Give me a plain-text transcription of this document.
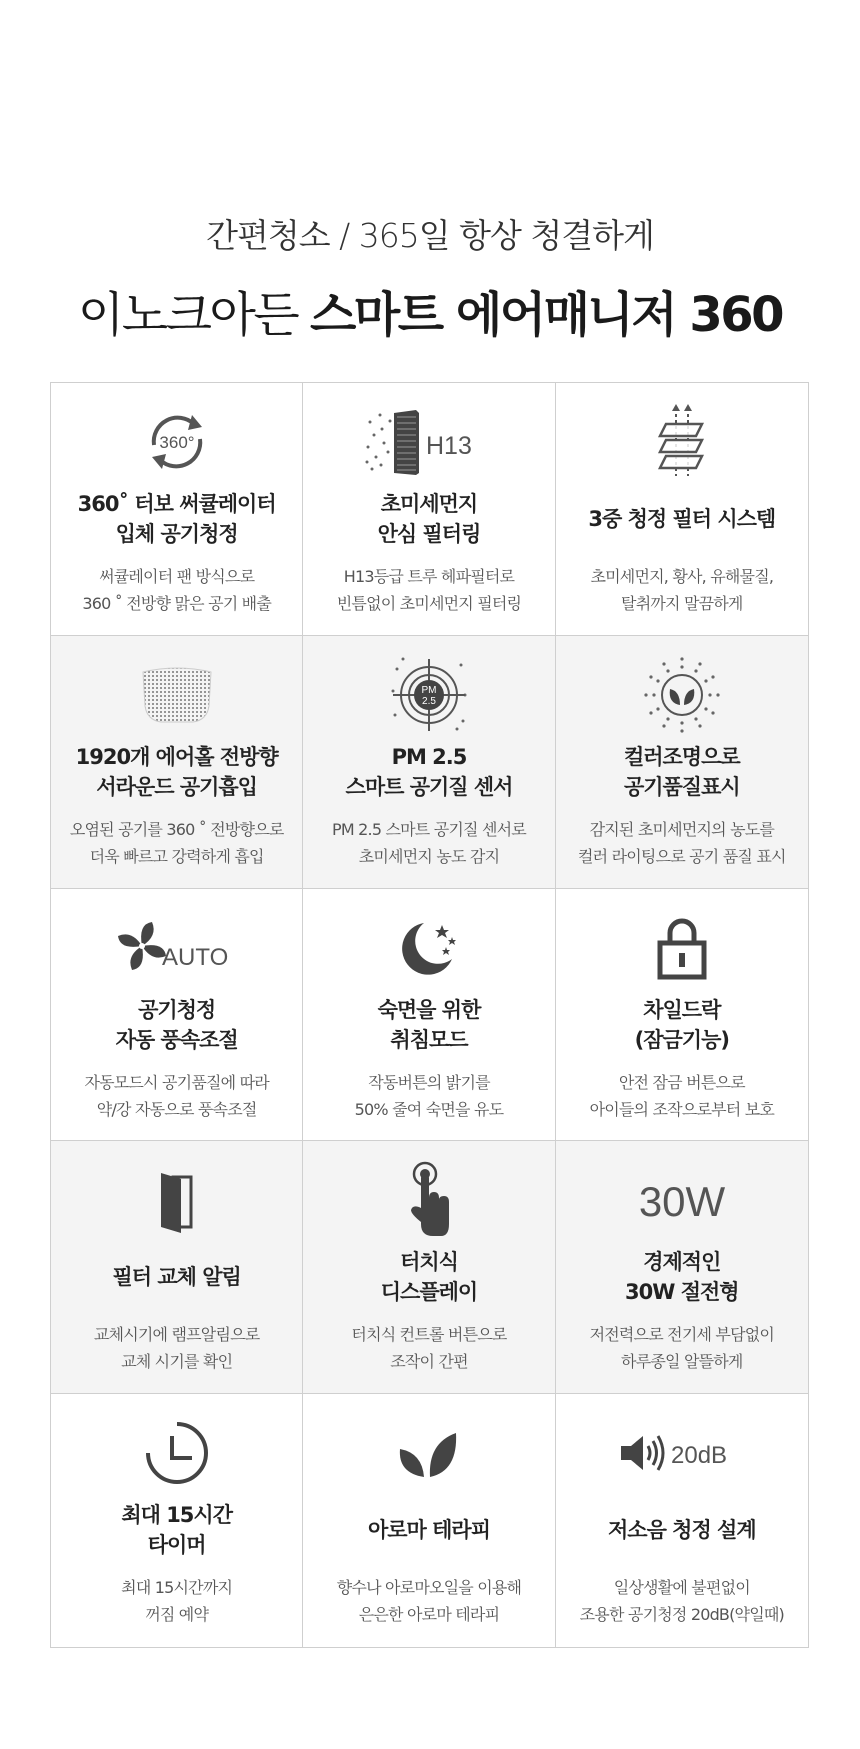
간편청소 / 365일 항상 청결하게
이노크아든 스마트 에어매니저 360
360°
360˚ 터보 써큘레이터
입체 공기청정
써큘레이터 팬 방식으로
360 ˚ 전방향 맑은 공기 배출
H13
초미세먼지
안심 필터링
H13등급 트루 헤파필터로
빈틈없이 초미세먼지 필터링
3중 청정 필터 시스템
초미세먼지, 황사, 유해물질,
탈취까지 말끔하게
1920개 에어홀 전방향
서라운드 공기흡입
오염된 공기를 360 ˚ 전방향으로
더욱 빠르고 강력하게 흡입
PM
2.5
PM 2.5
스마트 공기질 센서
PM 2.5 스마트 공기질 센서로
초미세먼지 농도 감지
컬러조명으로
공기품질표시
감지된 초미세먼지의 농도를
컬러 라이팅으로 공기 품질 표시
AUTO
공기청정
자동 풍속조절
자동모드시 공기품질에 따라
약/강 자동으로 풍속조절
숙면을 위한
취침모드
작동버튼의 밝기를
50% 줄여 숙면을 유도
차일드락
(잠금기능)
안전 잠금 버튼으로
아이들의 조작으로부터 보호
필터 교체 알림
교체시기에 램프알림으로
교체 시기를 확인
터치식
디스플레이
터치식 컨트롤 버튼으로
조작이 간편
30W
경제적인
30W 절전형
저전력으로 전기세 부담없이
하루종일 알뜰하게
최대 15시간
타이머
최대 15시간까지
꺼짐 예약
아로마 테라피
향수나 아로마오일을 이용해
은은한 아로마 테라피
20dB
저소음 청정 설계
일상생활에 불편없이
조용한 공기청정 20dB(약일때)
